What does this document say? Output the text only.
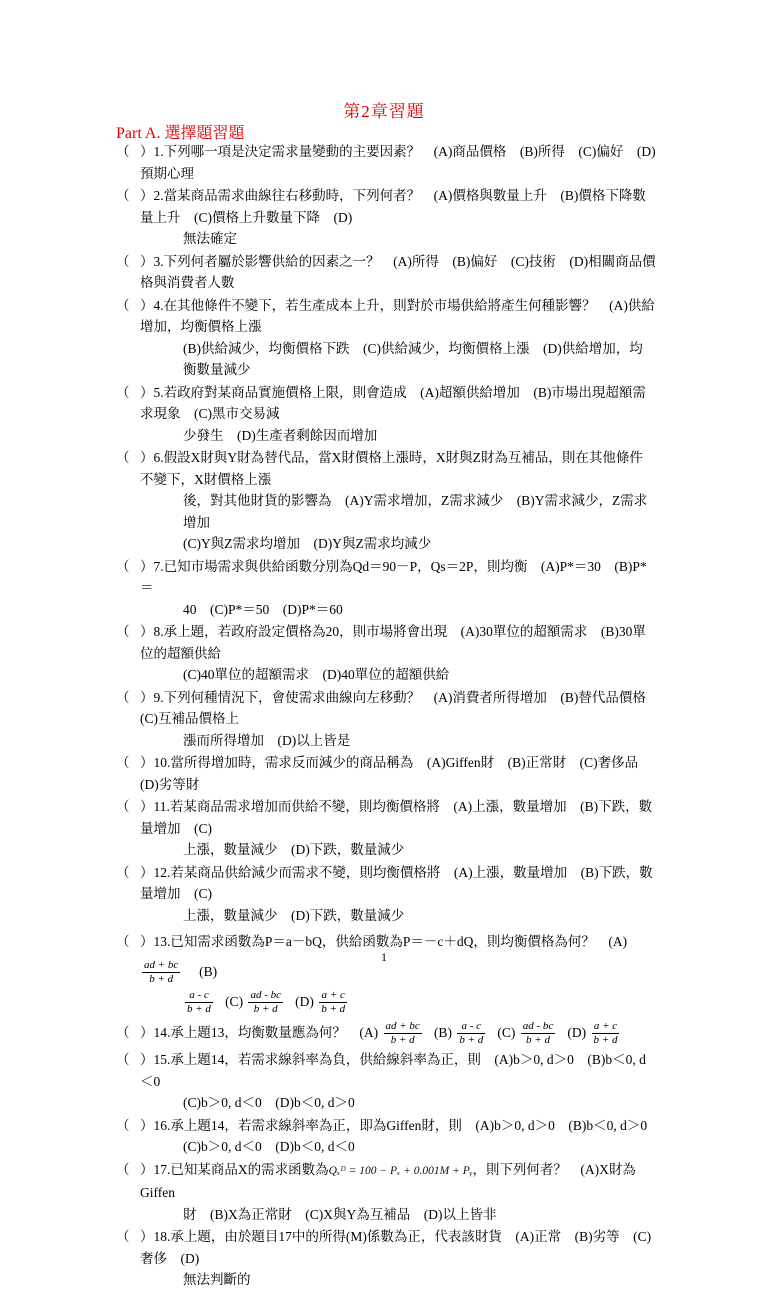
第2章習題
Part A. 選擇題習題
（ ）1.下列哪一項是決定需求量變動的主要因素？　(A)商品價格　(B)所得　(C)偏好　(D)預期心理
（ ）2.當某商品需求曲線往右移動時，下列何者？　(A)價格與數量上升　(B)價格下降數量上升　(C)價格上升數量下降　(D)
無法確定
（ ）3.下列何者屬於影響供給的因素之一？　(A)所得　(B)偏好　(C)技術　(D)相關商品價格與消費者人數
（ ）4.在其他條件不變下，若生產成本上升，則對於市場供給將產生何種影響？　(A)供給增加，均衡價格上漲
(B)供給減少，均衡價格下跌　(C)供給減少，均衡價格上漲　(D)供給增加，均衡數量減少
（ ）5.若政府對某商品實施價格上限，則會造成　(A)超額供給增加　(B)市場出現超額需求現象　(C)黑市交易減
少發生　(D)生產者剩餘因而增加
（ ）6.假設X財與Y財為替代品，當X財價格上漲時，X財與Z財為互補品，則在其他條件不變下，X財價格上漲
後，對其他財貨的影響為　(A)Y需求增加，Z需求減少　(B)Y需求減少，Z需求增加
(C)Y與Z需求均增加　(D)Y與Z需求均減少
（ ）7.已知市場需求與供給函數分別為Qd＝90－P，Qs＝2P，則均衡　(A)P*＝30　(B)P*＝
40　(C)P*＝50　(D)P*＝60
（ ）8.承上題，若政府設定價格為20，則市場將會出現　(A)30單位的超額需求　(B)30單位的超額供給
(C)40單位的超額需求　(D)40單位的超額供給
（ ）9.下列何種情況下，會使需求曲線向左移動？　(A)消費者所得增加　(B)替代品價格　(C)互補品價格上
漲而所得增加　(D)以上皆是
（ ）10.當所得增加時，需求反而減少的商品稱為　(A)Giffen財　(B)正常財　(C)奢侈品　(D)劣等財
（ ）11.若某商品需求增加而供給不變，則均衡價格將　(A)上漲，數量增加　(B)下跌，數量增加　(C)
上漲，數量減少　(D)下跌，數量減少
（ ）12.若某商品供給減少而需求不變，則均衡價格將　(A)上漲，數量增加　(B)下跌，數量增加　(C)
上漲，數量減少　(D)下跌，數量減少
（ ）13.已知需求函數為P＝a－bQ，供給函數為P＝－c＋dQ，則均衡價格為何？　(A)
$\frac{ad + bc}{b + d}$ 　(B)
$\frac{a - c}{b + d} (C) \frac{ad - bc}{b + d} (D) \frac{a + c}{b + d}$
（ ）14.承上題13，均衡數量應為何？　$(A) \frac{ad + bc}{b + d} (B) \frac{a - c}{b + d} (C) \frac{ad - bc}{b + d} (D) \frac{a + c}{b + d}$
（ ）15.承上題14，若需求線斜率為負，供給線斜率為正，則　(A)b＞0, d＞0　(B)b＜0, d＜0
(C)b＞0, d＜0　(D)b＜0, d＞0
（ ）16.承上題14，若需求線斜率為正，即為Giffen財，則　(A)b＞0, d＞0　(B)b＜0, d＞0
(C)b＞0, d＜0　(D)b＜0, d＜0
（ ）17.已知某商品X的需求函數為Qₓᴰ = 100 − Pₓ + 0.001M + Pᵧ，則下列何者？　(A)X財為Giffen
財　(B)X為正常財　(C)X與Y為互補品　(D)以上皆非
（ ）18.承上題，由於題目17中的所得(M)係數為正，代表該財貨　(A)正常　(B)劣等　(C)奢侈　(D)
無法判斷的
1
